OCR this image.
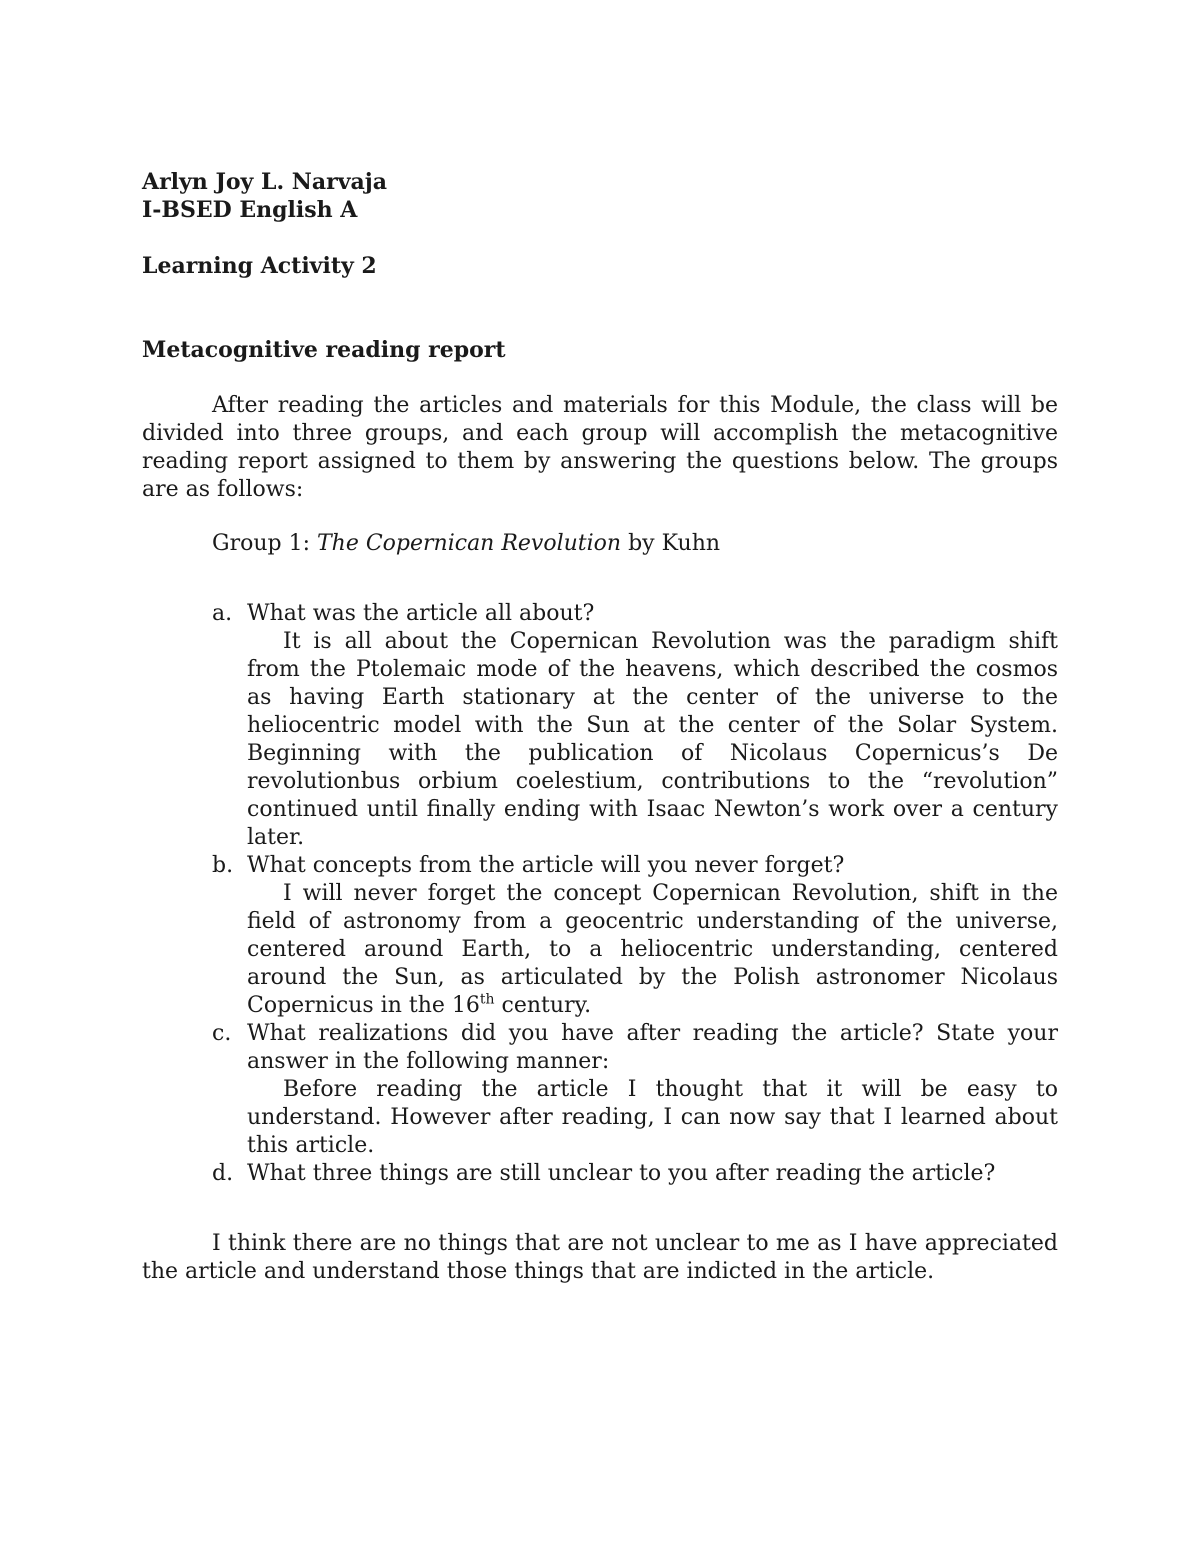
Arlyn Joy L. Narvaja
I-BSED English A
Learning Activity 2
Metacognitive reading report

After reading the articles and materials for this Module, the class will be divided into three groups, and each group will accomplish the metacognitive reading report assigned to them by answering the questions below. The groups are as follows:

Group 1: The Copernican Revolution by Kuhn
a. What was the article all about?
It is all about the Copernican Revolution was the paradigm shift from the Ptolemaic mode of the heavens, which described the cosmos as having Earth stationary at the center of the universe to the heliocentric model with the Sun at the center of the Solar System. Beginning with the publication of Nicolaus Copernicus’s De revolutionbus orbium coelestium, contributions to the “revolution” continued until finally ending with Isaac Newton’s work over a century later.
b. What concepts from the article will you never forget?
I will never forget the concept Copernican Revolution, shift in the field of astronomy from a geocentric understanding of the universe, centered around Earth, to a heliocentric understanding, centered around the Sun, as articulated by the Polish astronomer Nicolaus Copernicus in the 16th century.
c. What realizations did you have after reading the article? State your answer in the following manner:
Before reading the article I thought that it will be easy to understand. However after reading, I can now say that I learned about this article.
d. What three things are still unclear to you after reading the article?

I think there are no things that are not unclear to me as I have appreciated the article and understand those things that are indicted in the article.
